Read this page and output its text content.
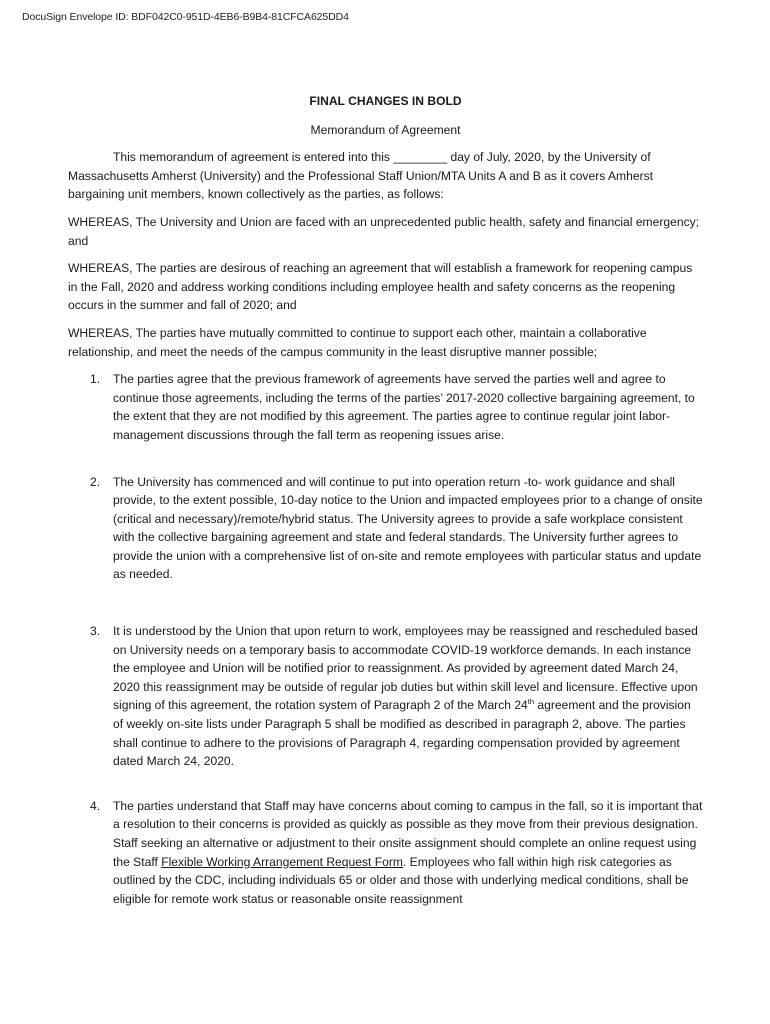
DocuSign Envelope ID: BDF042C0-951D-4EB6-B9B4-81CFCA625DD4

FINAL CHANGES IN BOLD

Memorandum of Agreement

This memorandum of agreement is entered into this ________ day of July, 2020, by the University of Massachusetts Amherst (University) and the Professional Staff Union/MTA Units A and B as it covers Amherst bargaining unit members, known collectively as the parties, as follows:

WHEREAS, The University and Union are faced with an unprecedented public health, safety and financial emergency; and

WHEREAS, The parties are desirous of reaching an agreement that will establish a framework for reopening campus in the Fall, 2020 and address working conditions including employee health and safety concerns as the reopening occurs in the summer and fall of 2020; and

WHEREAS, The parties have mutually committed to continue to support each other, maintain a collaborative relationship, and meet the needs of the campus community in the least disruptive manner possible;

1. The parties agree that the previous framework of agreements have served the parties well and agree to continue those agreements, including the terms of the parties’ 2017-2020 collective bargaining agreement, to the extent that they are not modified by this agreement. The parties agree to continue regular joint labor-management discussions through the fall term as reopening issues arise.

2. The University has commenced and will continue to put into operation return -to- work guidance and shall provide, to the extent possible, 10-day notice to the Union and impacted employees prior to a change of onsite (critical and necessary)/remote/hybrid status. The University agrees to provide a safe workplace consistent with the collective bargaining agreement and state and federal standards. The University further agrees to provide the union with a comprehensive list of on-site and remote employees with particular status and update as needed.

3. It is understood by the Union that upon return to work, employees may be reassigned and rescheduled based on University needs on a temporary basis to accommodate COVID-19 workforce demands. In each instance the employee and Union will be notified prior to reassignment. As provided by agreement dated March 24, 2020 this reassignment may be outside of regular job duties but within skill level and licensure. Effective upon signing of this agreement, the rotation system of Paragraph 2 of the March 24th agreement and the provision of weekly on-site lists under Paragraph 5 shall be modified as described in paragraph 2, above. The parties shall continue to adhere to the provisions of Paragraph 4, regarding compensation provided by agreement dated March 24, 2020.

4. The parties understand that Staff may have concerns about coming to campus in the fall, so it is important that a resolution to their concerns is provided as quickly as possible as they move from their previous designation. Staff seeking an alternative or adjustment to their onsite assignment should complete an online request using the Staff Flexible Working Arrangement Request Form. Employees who fall within high risk categories as outlined by the CDC, including individuals 65 or older and those with underlying medical conditions, shall be eligible for remote work status or reasonable onsite reassignment
